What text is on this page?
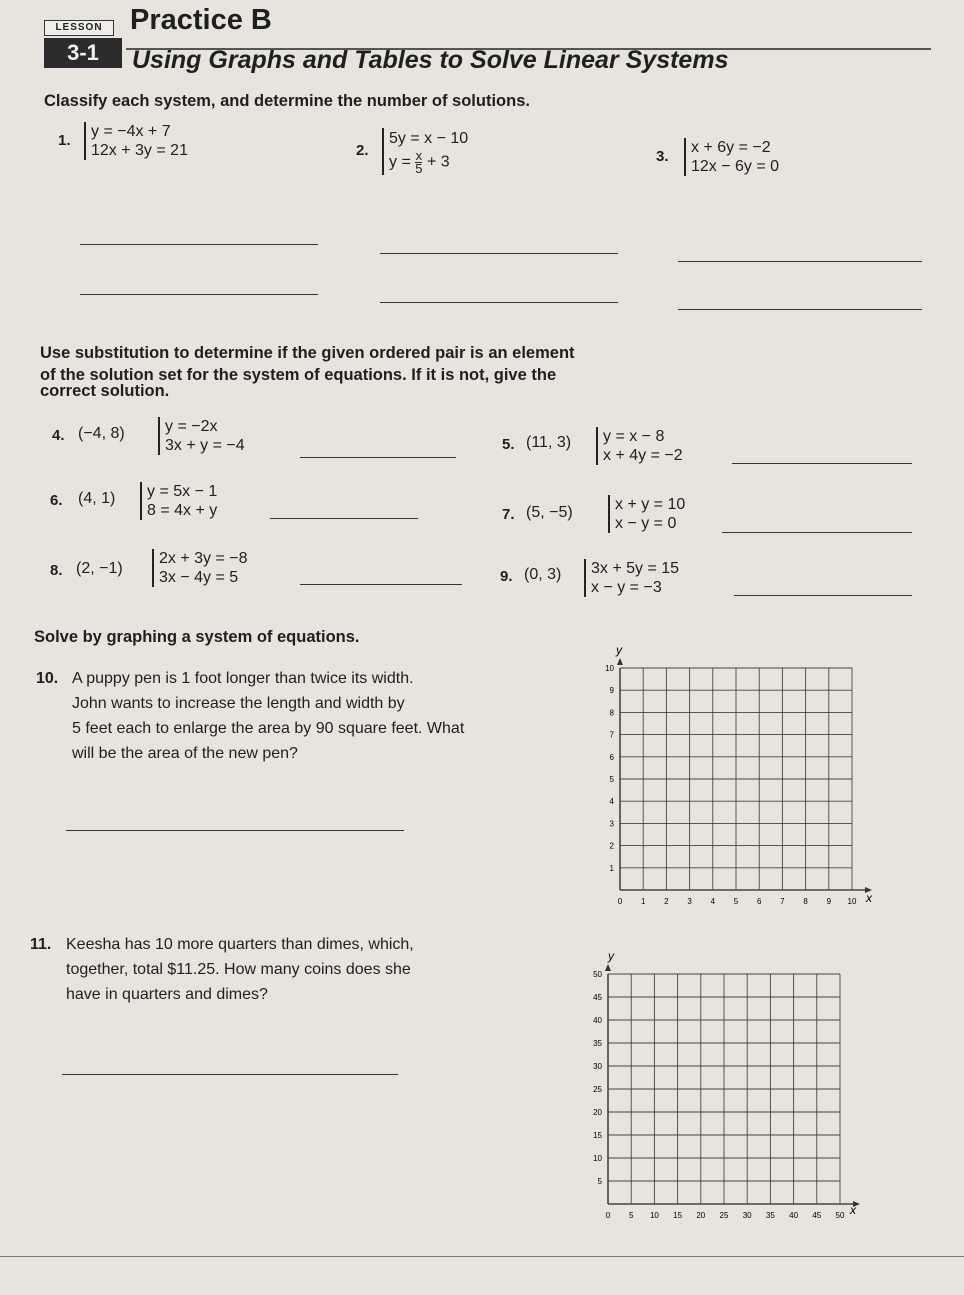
LESSON
3-1
Practice B
Using Graphs and Tables to Solve Linear Systems
Classify each system, and determine the number of solutions.
1.
y = −4x + 7
12x + 3y = 21	2.
5y = x − 10
$y = \frac{x}{5} + 3$	3.
x + 6y = −2
12x − 6y = 0
Use substitution to determine if the given ordered pair is an element
of the solution set for the system of equations. If it is not, give the
correct solution.
4. (−4, 8)	y = −2x
3x + y = −4	5. (11, 3) y = x − 8
x + 4y = −2
6. (4, 1) y = 5x − 1
8 = 4x + y	7. (5, −5)	x + y = 10
x − y = 0
8. (2, −1)
2x + 3y = −8
3x − 4y = 5	9. (0, 3) 3x + 5y = 15
x − y = −3
Solve by graphing a system of equations.
10. A puppy pen is 1 foot longer than twice its width.
John wants to increase the length and width by
5 feet each to enlarge the area by 90 square feet. What
will be the area of the new pen?
11. Keesha has 10 more quarters than dimes, which,
together, total $11.25. How many coins does she
have in quarters and dimes?
0 1
1
2
2
3
3
4
4
5
5
6
6
7
7
8
8
9
9
10
10
x
y
0 5
5
10
10
15
15
20
20
25
25
30
30
35
35
40
40
45
45
50
50
x
y
